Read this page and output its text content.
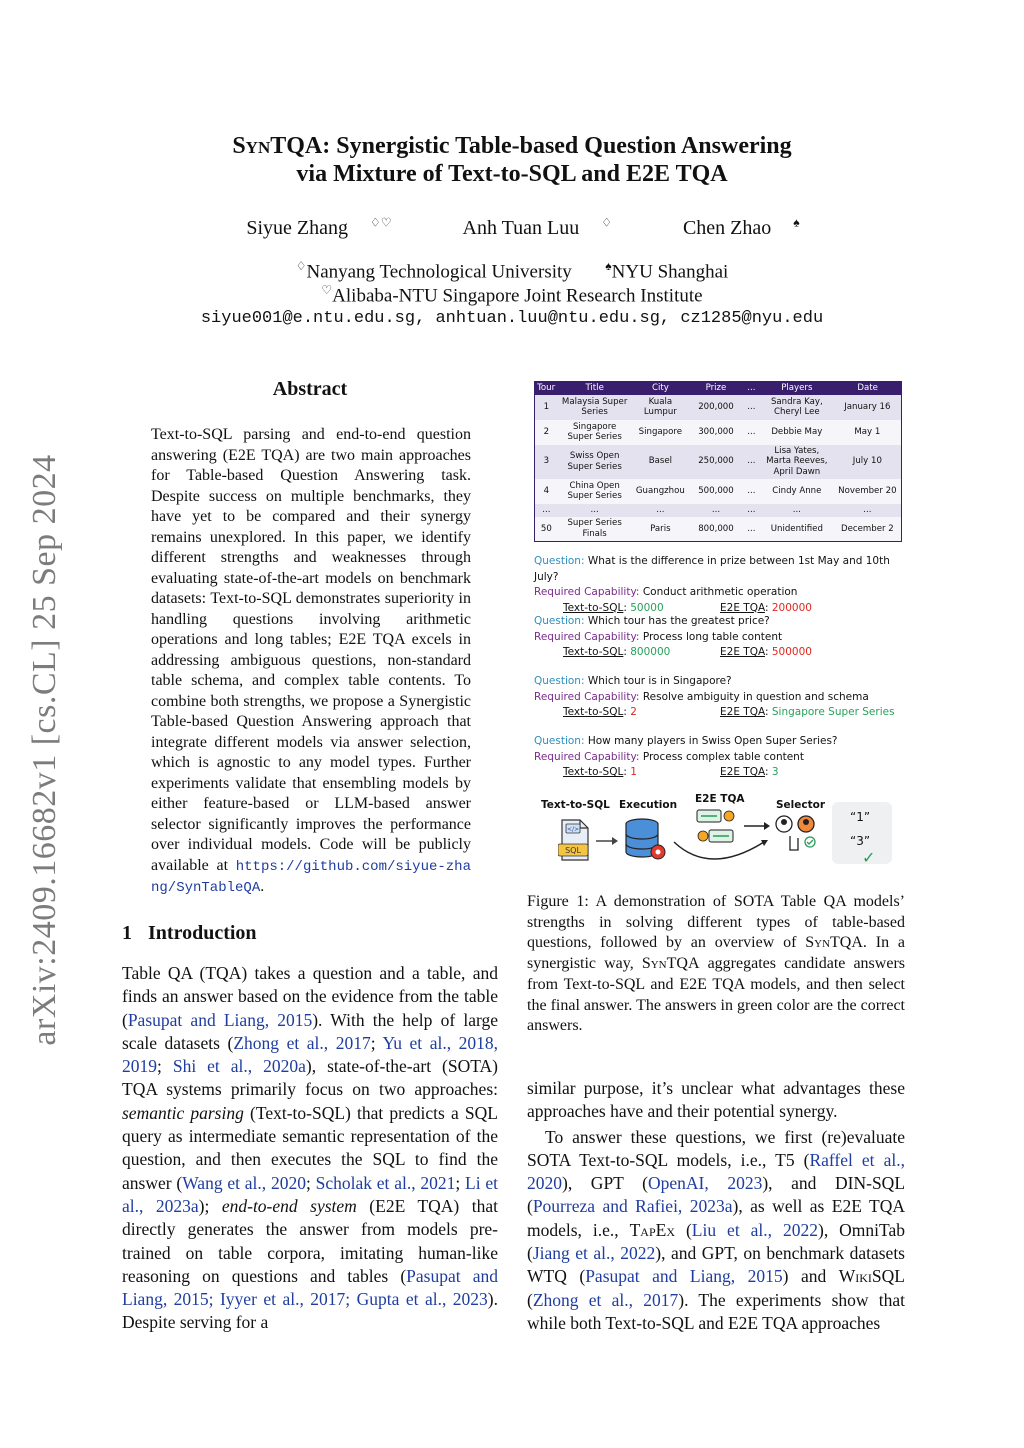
arXiv:2409.16682v1 [cs.CL] 25 Sep 2024
SynTQA: Synergistic Table-based Question Answering
via Mixture of Text-to-SQL and E2E TQA
Siyue Zhang ♢♡	Anh Tuan Luu ♢	Chen Zhao ♠
♢Nanyang Technological University	♠NYU Shanghai
♡Alibaba-NTU Singapore Joint Research Institute
siyue001@e.ntu.edu.sg, anhtuan.luu@ntu.edu.sg, cz1285@nyu.edu
Abstract
Text-to-SQL parsing and end-to-end question answering (E2E TQA) are two main approaches for Table-based Question Answering task. Despite success on multiple benchmarks, they have yet to be compared and their synergy remains unexplored. In this paper, we identify different strengths and weaknesses through evaluating state-of-the-art models on benchmark datasets: Text-to-SQL demonstrates superiority in handling questions involving arithmetic operations and long tables; E2E TQA excels in addressing ambiguous questions, non-standard table schema, and complex table contents. To combine both strengths, we propose a Synergistic Table-based Question Answering approach that integrate different models via answer selection, which is agnostic to any model types. Further experiments validate that ensembling models by either feature-based or LLM-based answer selector significantly improves the performance over individual models. Code will be publicly available at https://github.com/siyue-zhang/SynTableQA.
1 Introduction
Table QA (TQA) takes a question and a table, and finds an answer based on the evidence from the table (Pasupat and Liang, 2015). With the help of large scale datasets (Zhong et al., 2017; Yu et al., 2018, 2019; Shi et al., 2020a), state-of-the-art (SOTA) TQA systems primarily focus on two approaches: semantic parsing (Text-to-SQL) that predicts a SQL query as intermediate semantic representation of the question, and then executes the SQL to find the answer (Wang et al., 2020; Scholak et al., 2021; Li et al., 2023a); end-to-end system (E2E TQA) that directly generates the answer from models pre-trained on table corpora, imitating human-like reasoning on questions and tables (Pasupat and Liang, 2015; Iyyer et al., 2017; Gupta et al., 2023). Despite serving for a
Tour	Title	City	Prize	...	Players	Date
1	Malaysia Super Series	Kuala Lumpur	200,000	...	Sandra Kay, Cheryl Lee	January 16
2	Singapore Super Series	Singapore	300,000	...	Debbie May	May 1
3	Swiss Open Super Series	Basel	250,000	...	Lisa Yates, Marta Reeves, April Dawn	July 10
4	China Open Super Series	Guangzhou	500,000	...	Cindy Anne	November 20
...	...	...	...	...	...	...
50	Super Series Finals	Paris	800,000	...	Unidentified	December 2
Question: What is the difference in prize between 1st May and 10th July?
Required Capability: Conduct arithmetic operation
Text-to-SQL: 50000	E2E TQA: 200000
Question: Which tour has the greatest price?
Required Capability: Process long table content
Text-to-SQL: 800000	E2E TQA: 500000
Question: Which tour is in Singapore?
Required Capability: Resolve ambiguity in question and schema
Text-to-SQL: 2	E2E TQA: Singapore Super Series
Question: How many players in Swiss Open Super Series?
Required Capability: Process complex table content
Text-to-SQL: 1	E2E TQA: 3
Text-to-SQL Execution E2E TQA	Selector
</>
SQL
“1”
“3”
✓
Figure 1: A demonstration of SOTA Table QA models’ strengths in solving different types of table-based questions, followed by an overview of SynTQA. In a synergistic way, SynTQA aggregates candidate answers from Text-to-SQL and E2E TQA models, and then select the final answer. The answers in green color are the correct answers.

similar purpose, it’s unclear what advantages these approaches have and their potential synergy.

To answer these questions, we first (re)evaluate SOTA Text-to-SQL models, i.e., T5 (Raffel et al., 2020), GPT (OpenAI, 2023), and DIN-SQL (Pourreza and Rafiei, 2023a), as well as E2E TQA models, i.e., TapEx (Liu et al., 2022), OmniTab (Jiang et al., 2022), and GPT, on benchmark datasets WTQ (Pasupat and Liang, 2015) and WikiSQL (Zhong et al., 2017). The experiments show that while both Text-to-SQL and E2E TQA approaches
